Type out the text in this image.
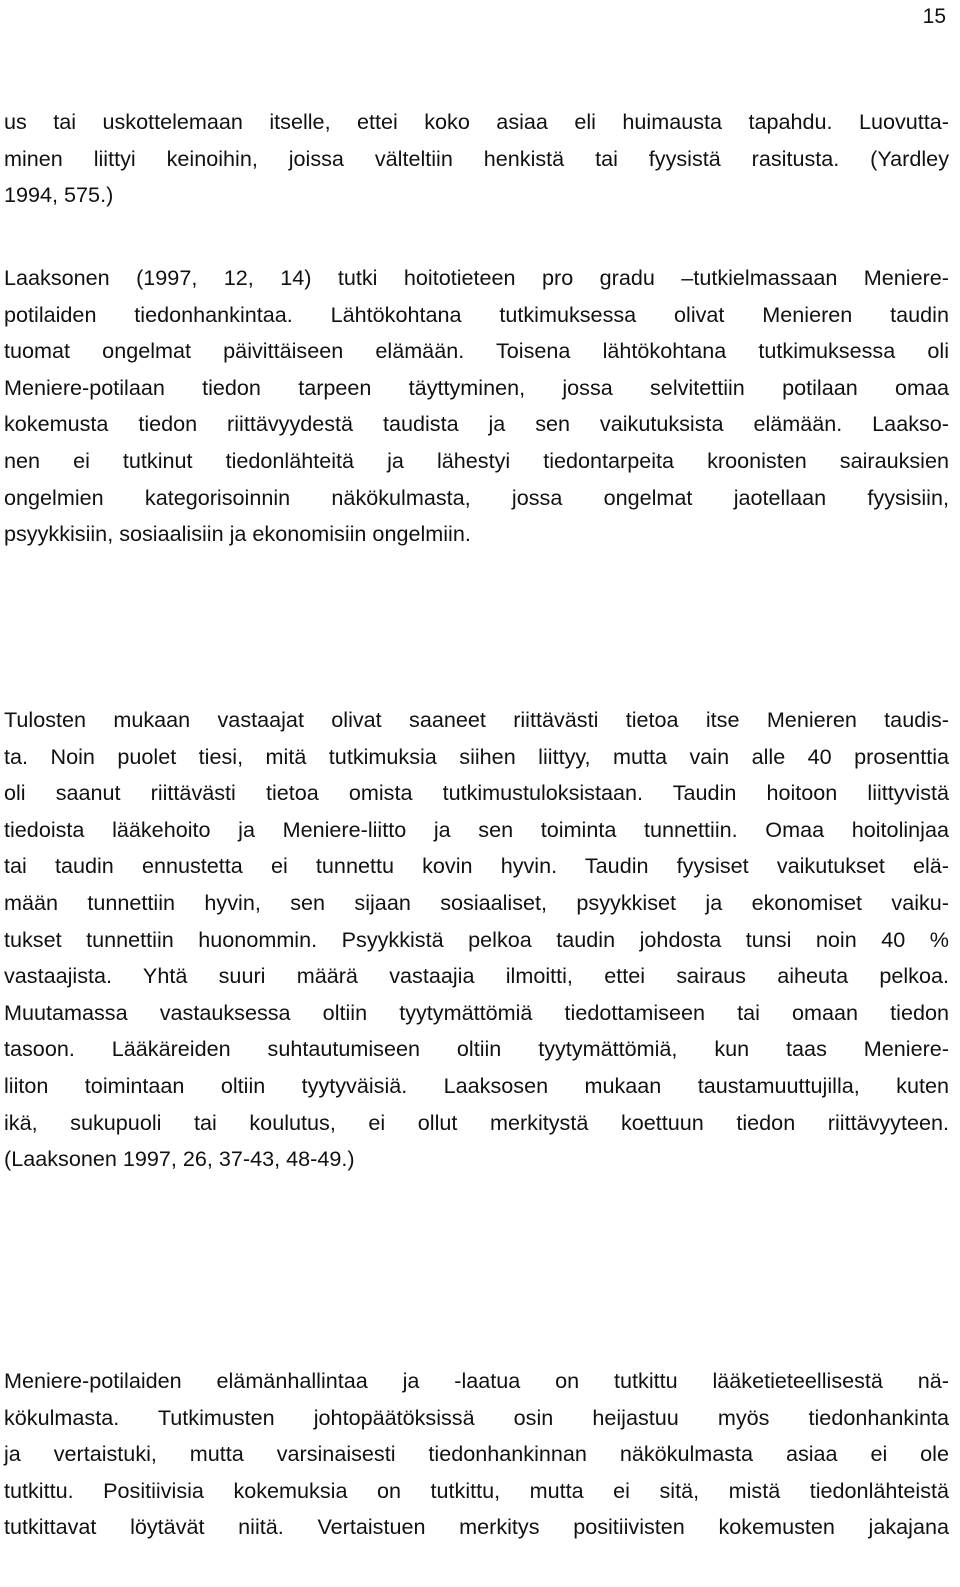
15
us tai uskottelemaan itselle, ettei koko asiaa eli huimausta tapahdu. Luovutta-
minen liittyi keinoihin, joissa välteltiin henkistä tai fyysistä rasitusta. (Yardley
1994, 575.)
Laaksonen (1997, 12, 14) tutki hoitotieteen pro gradu –tutkielmassaan Meniere-
potilaiden tiedonhankintaa. Lähtökohtana tutkimuksessa olivat Menieren taudin
tuomat ongelmat päivittäiseen elämään. Toisena lähtökohtana tutkimuksessa oli
Meniere-potilaan tiedon tarpeen täyttyminen, jossa selvitettiin potilaan omaa
kokemusta tiedon riittävyydestä taudista ja sen vaikutuksista elämään. Laakso-
nen ei tutkinut tiedonlähteitä ja lähestyi tiedontarpeita kroonisten sairauksien
ongelmien kategorisoinnin näkökulmasta, jossa ongelmat jaotellaan fyysisiin,
psyykkisiin, sosiaalisiin ja ekonomisiin ongelmiin.
Tulosten mukaan vastaajat olivat saaneet riittävästi tietoa itse Menieren taudis-
ta. Noin puolet tiesi, mitä tutkimuksia siihen liittyy, mutta vain alle 40 prosenttia
oli saanut riittävästi tietoa omista tutkimustuloksistaan. Taudin hoitoon liittyvistä
tiedoista lääkehoito ja Meniere-liitto ja sen toiminta tunnettiin. Omaa hoitolinjaa
tai taudin ennustetta ei tunnettu kovin hyvin. Taudin fyysiset vaikutukset elä-
mään tunnettiin hyvin, sen sijaan sosiaaliset, psyykkiset ja ekonomiset vaiku-
tukset tunnettiin huonommin. Psyykkistä pelkoa taudin johdosta tunsi noin 40 %
vastaajista. Yhtä suuri määrä vastaajia ilmoitti, ettei sairaus aiheuta pelkoa.
Muutamassa vastauksessa oltiin tyytymättömiä tiedottamiseen tai omaan tiedon
tasoon. Lääkäreiden suhtautumiseen oltiin tyytymättömiä, kun taas Meniere-
liiton toimintaan oltiin tyytyväisiä. Laaksosen mukaan taustamuuttujilla, kuten
ikä, sukupuoli tai koulutus, ei ollut merkitystä koettuun tiedon riittävyyteen.
(Laaksonen 1997, 26, 37-43, 48-49.)
Meniere-potilaiden elämänhallintaa ja -laatua on tutkittu lääketieteellisestä nä-
kökulmasta. Tutkimusten johtopäätöksissä osin heijastuu myös tiedonhankinta
ja vertaistuki, mutta varsinaisesti tiedonhankinnan näkökulmasta asiaa ei ole
tutkittu. Positiivisia kokemuksia on tutkittu, mutta ei sitä, mistä tiedonlähteistä
tutkittavat löytävät niitä. Vertaistuen merkitys positiivisten kokemusten jakajana
